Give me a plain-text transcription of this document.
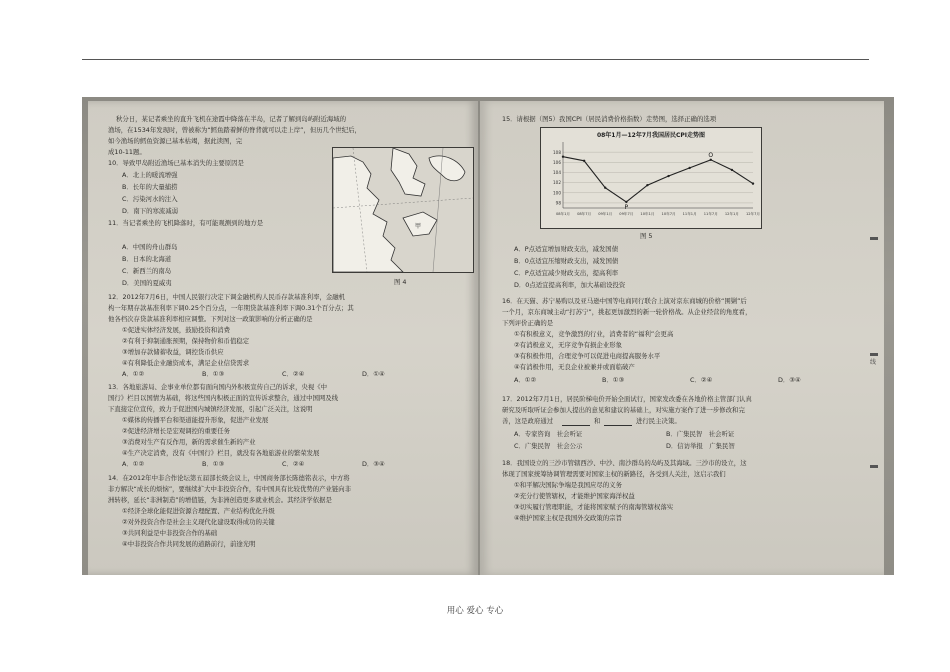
秋分日，某记者乘坐的直升飞机在途霞中降落在半岛，记者了解到岛屿附近海域的
渔场，在1534年发现时，曾被称为“鳕鱼踏着鲜的脊背就可以走上岸”，但历几个世纪后，
如今渔场的鳕鱼资源已基本枯竭，据此读图，完
成10-11题。
10．导致甲岛附近渔场已基本消失的主要原因是
A．北上的暖流增强
B．长年的大量捕捞
C．污染河水的注入
D．南下的寒流减弱
11．当记者乘坐的飞机降落时，有可能观测到的地方是
A．中国的舟山群岛
B．日本的北海道
C．新西兰的南岛
D．美国的夏威夷
甲
图 4
12．2012年7月6日，中国人民银行决定下调金融机构人民币存款基准利率，金融机
构一年期存款基准利率下调0.25个百分点，一年期贷款基准利率下调0.31个百分点；其
他各档次存贷款基准利率相应调整。下列对这一政策影响的分析正确的是
①促进实体经济发展，鼓励投资和消费
②有利于抑制通胀预期，保持物价和币值稳定
③增加存款储蓄收益，调控货币供应
④有利降低企业融资成本，满足企业信贷需求
A．①②	B．①③	C．②④	D．①④
13．各地旅游局、企事业单位都有面向国内外积极宣传自己的诉求，央视《中
国行》栏目以国情为基础，将这些国内积极正面的宣传诉求整合，通过中国网及线
下直接定位宣传，致力于促进国内城镇经济发展，引起广泛关注，这说明
①媒体的传播平台和渠道能提升形象，促进产业发展
②促进经济增长是宏观调控的重要任务
③消费对生产有反作用，新的需求催生新的产业
④生产决定消费，没有《中国行》栏目，就没有各地旅游业的繁荣发展
A．①②	B．①③	C．②④	D．③④
14．在2012年中非合作论坛第五届部长级会议上，中国商务部长陈德铭表示，中方将
非方解决“成长的烦恼”，要继续扩大中非投资合作，有中国具有比较优势的产业链向非
洲转移，延长“非洲制造”的增值链，为非洲创造更多就业机会。其经济学依据是
①经济全球化能促进资源合理配置、产业结构优化升级
②对外投资合作是社会主义现代化建设取得成功的关键
③共同利益是中非投资合作的基础
④中非投资合作共同发展的道路前行，前途光明
15．请根据（图5）我国CPI（居民消费价格指数）走势图，选择正确的选项
08年1月—12年7月我国居民CPI走势图
98
100
102
104
106
108
08年1月 08年7月 09年1月 09年7月 10年1月 10年7月 11年1月 11年7月 12年1月 12年7月
P
O
图 5
A．P点适宜增加财政支出，减发国债
B．0点适宜压缩财政支出，减发国债
C．P点适宜减少财政支出，提高利率
D．0点适宜提高利率，加大基础设投资
16．在天猫、苏宁易购以及亚马逊中国等电商同行联合上演对京东商城的价格“围剿”后
一个月，京东商城主动“打苏宁”，挑起更加激烈的新一轮价格战。从企业经营的角度看，
下列评价正确的是
①有积极意义，竞争激烈的行业，消费者的“福利”会更高
②有消极意义，无序竞争有损企业形象
③有积极作用，合理竞争可以促进电商提高服务水平
④有消极作用，无良企业被兼并或面临破产
A．①②	B．①③	C．②④	D．③④
17．2012年7月1日，居民阶梯电价开始全面试行，国家发改委在各地价格主管部门认真
研究及听取听证会参加人提出的意见和建议的基础上，对实施方案作了进一步修改和完
善，这是政府通过	和	进行民主决策。
A．专家咨询　社会听证	B．广集民智　社会听证
C．广集民智　社会公示	D．信访举报　广集民智
18．我国设立的三沙市管辖西沙、中沙、南沙群岛的岛屿及其海域。三沙市的设立，这
体现了国家统筹协调管理需要对国家主权的新路径，各受到人关注，这启示我们
①和平解决国际争端是我国应尽的义务
②充分行使管辖权，才能维护国家海洋权益
③切实履行管理职能，才能将国家赋予的南海管辖权落实
④维护国家主权是我国外交政策的宗旨
线
用心 爱心 专心
